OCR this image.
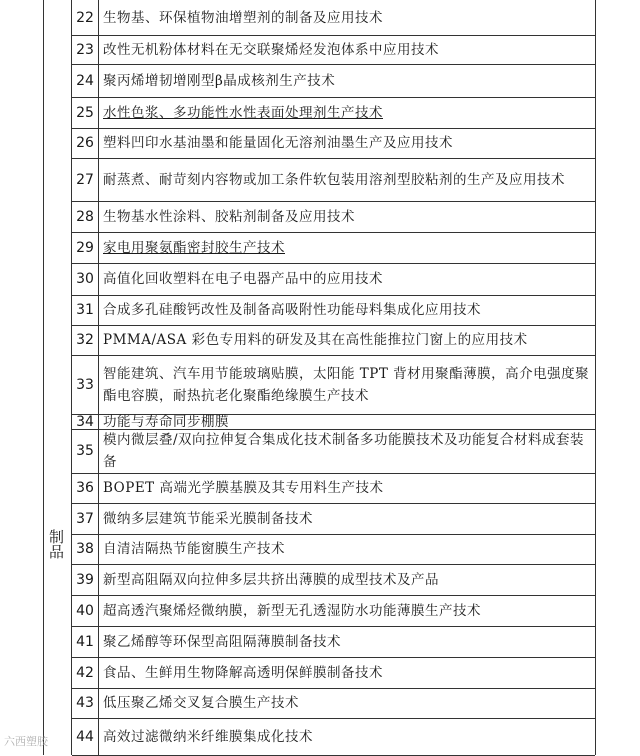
制品
22 生物基、环保植物油增塑剂的制备及应用技术
23 改性无机粉体材料在无交联聚烯烃发泡体系中应用技术
24 聚丙烯增韧增刚型β晶成核剂生产技术
25 水性色浆、多功能性水性表面处理剂生产技术
26 塑料凹印水基油墨和能量固化无溶剂油墨生产及应用技术
27 耐蒸煮、耐苛刻内容物或加工条件软包装用溶剂型胶粘剂的生产及应用技术
28 生物基水性涂料、胶粘剂制备及应用技术
29 家电用聚氨酯密封胶生产技术
30 高值化回收塑料在电子电器产品中的应用技术
31 合成多孔硅酸钙改性及制备高吸附性功能母料集成化应用技术
32 PMMA/ASA 彩色专用料的研发及其在高性能推拉门窗上的应用技术
33
智能建筑、汽车用节能玻璃贴膜，太阳能 TPT 背材用聚酯薄膜，高介电强度聚酯电容膜，耐热抗老化聚酯绝缘膜生产技术
34 功能与寿命同步棚膜
35
模内微层叠/双向拉伸复合集成化技术制备多功能膜技术及功能复合材料成套装备
36 BOPET 高端光学膜基膜及其专用料生产技术
37 微纳多层建筑节能采光膜制备技术
38 自清洁隔热节能窗膜生产技术
39 新型高阻隔双向拉伸多层共挤出薄膜的成型技术及产品
40 超高透汽聚烯烃微纳膜，新型无孔透湿防水功能薄膜生产技术
41 聚乙烯醇等环保型高阻隔薄膜制备技术
42 食品、生鲜用生物降解高透明保鲜膜制备技术
43 低压聚乙烯交叉复合膜生产技术
44 高效过滤微纳米纤维膜集成化技术
六西塑胶
